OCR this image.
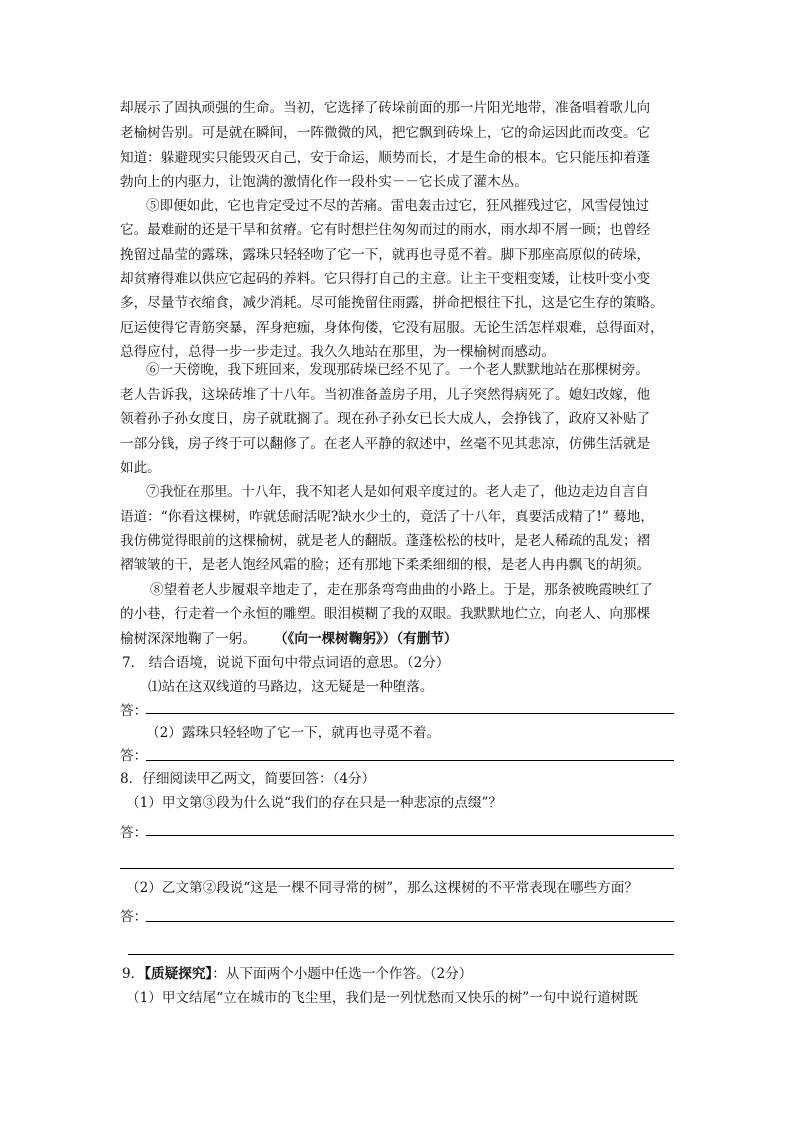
却展示了固执顽强的生命。当初，它选择了砖垛前面的那一片阳光地带，准备唱着歌儿向
老榆树告别。可是就在瞬间，一阵微微的风，把它飘到砖垛上，它的命运因此而改变。它
知道：躲避现实只能毁灭自己，安于命运，顺势而长，才是生命的根本。它只能压抑着蓬
勃向上的内驱力，让饱满的激情化作一段朴实－－它长成了灌木丛。
⑤即便如此，它也肯定受过不尽的苦痛。雷电轰击过它，狂风摧残过它，风雪侵蚀过
它。最难耐的还是干旱和贫瘠。它有时想拦住匆匆而过的雨水，雨水却不屑一顾；也曾经
挽留过晶莹的露珠，露珠只轻轻吻了它一下，就再也寻觅不着。脚下那座高原似的砖垛，
却贫瘠得难以供应它起码的养料。它只得打自己的主意。让主干变粗变矮，让枝叶变小变
多，尽量节衣缩食，减少消耗。尽可能挽留住雨露，拼命把根往下扎，这是它生存的策略。
厄运使得它青筋突暴，浑身疤痂，身体佝偻，它没有屈服。无论生活怎样艰难，总得面对，
总得应付，总得一步一步走过。我久久地站在那里，为一棵榆树而感动。
⑥一天傍晚，我下班回来，发现那砖垛已经不见了。一个老人默默地站在那棵树旁。
老人告诉我，这垛砖堆了十八年。当初准备盖房子用，儿子突然得病死了。媳妇改嫁，他
领着孙子孙女度日，房子就耽搁了。现在孙子孙女已长大成人，会挣钱了，政府又补贴了
一部分钱，房子终于可以翻修了。在老人平静的叙述中，丝毫不见其悲凉，仿佛生活就是
如此。
⑦我怔在那里。十八年，我不知老人是如何艰辛度过的。老人走了，他边走边自言自
语道：“你看这棵树，咋就恁耐活呢?缺水少土的，竟活了十八年，真要活成精了!” 蓦地，
我仿佛觉得眼前的这棵榆树，就是老人的翻版。蓬蓬松松的枝叶，是老人稀疏的乱发；褶
褶皱皱的干，是老人饱经风霜的脸；还有那地下柔柔细细的根，是老人冉冉飘飞的胡须。
⑧望着老人步履艰辛地走了，走在那条弯弯曲曲的小路上。于是，那条被晚霞映红了
的小巷，行走着一个永恒的雕塑。眼泪模糊了我的双眼。我默默地伫立，向老人、向那棵
榆树深深地鞠了一躬。 （《向一棵树鞠躬》）（有删节）
7． 结合语境，说说下面句中带点词语的意思。（2分）
⑴站在这双线道的马路边，这无疑是一种堕落。
答：
（2）露珠只轻轻吻了它一下，就再也寻觅不着。
答：
8．仔细阅读甲乙两文，简要回答：（4分）
（1）甲文第③段为什么说“我们的存在只是一种悲凉的点缀”？
答：
（2）乙文第②段说“这是一棵不同寻常的树”，那么这棵树的不平常表现在哪些方面？
答：
9．【质疑探究】：从下面两个小题中任选一个作答。（2分）
（1）甲文结尾“立在城市的飞尘里，我们是一列忧愁而又快乐的树”一句中说行道树既
